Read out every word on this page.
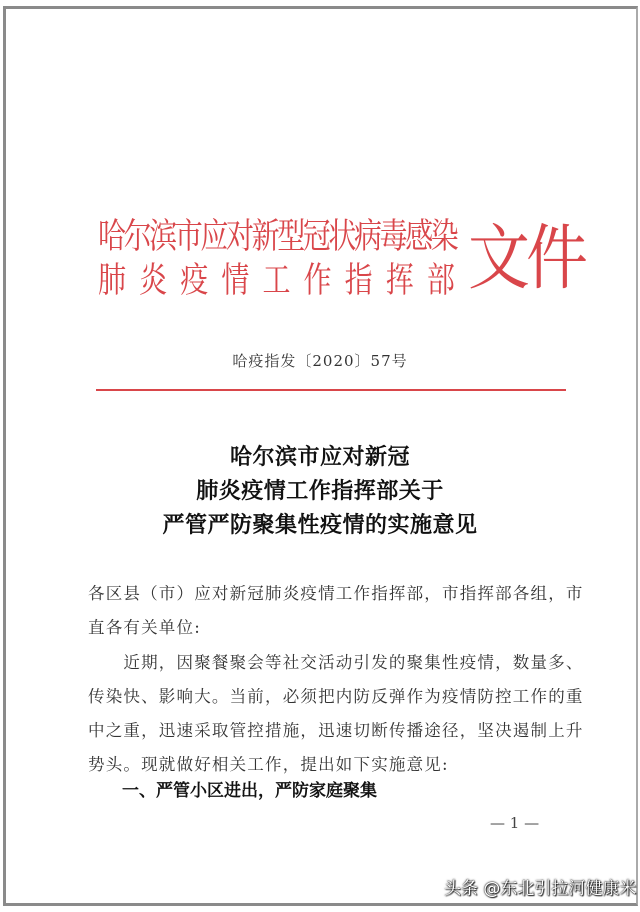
哈尔滨市应对新型冠状病毒感染
肺 炎 疫 情 工 作 指 挥 部 文件
哈疫指发〔2020〕57号
哈尔滨市应对新冠
肺炎疫情工作指挥部关于
严管严防聚集性疫情的实施意见
各区县（市）应对新冠肺炎疫情工作指挥部，市指挥部各组，市
直各有关单位:
　　近期，因聚餐聚会等社交活动引发的聚集性疫情，数量多、
传染快、影响大。当前，必须把内防反弹作为疫情防控工作的重
中之重，迅速采取管控措施，迅速切断传播途径，坚决遏制上升
势头。现就做好相关工作，提出如下实施意见:
　　一、严管小区进出，严防家庭聚集
— 1 —
头条 @东北引拉河健康米
